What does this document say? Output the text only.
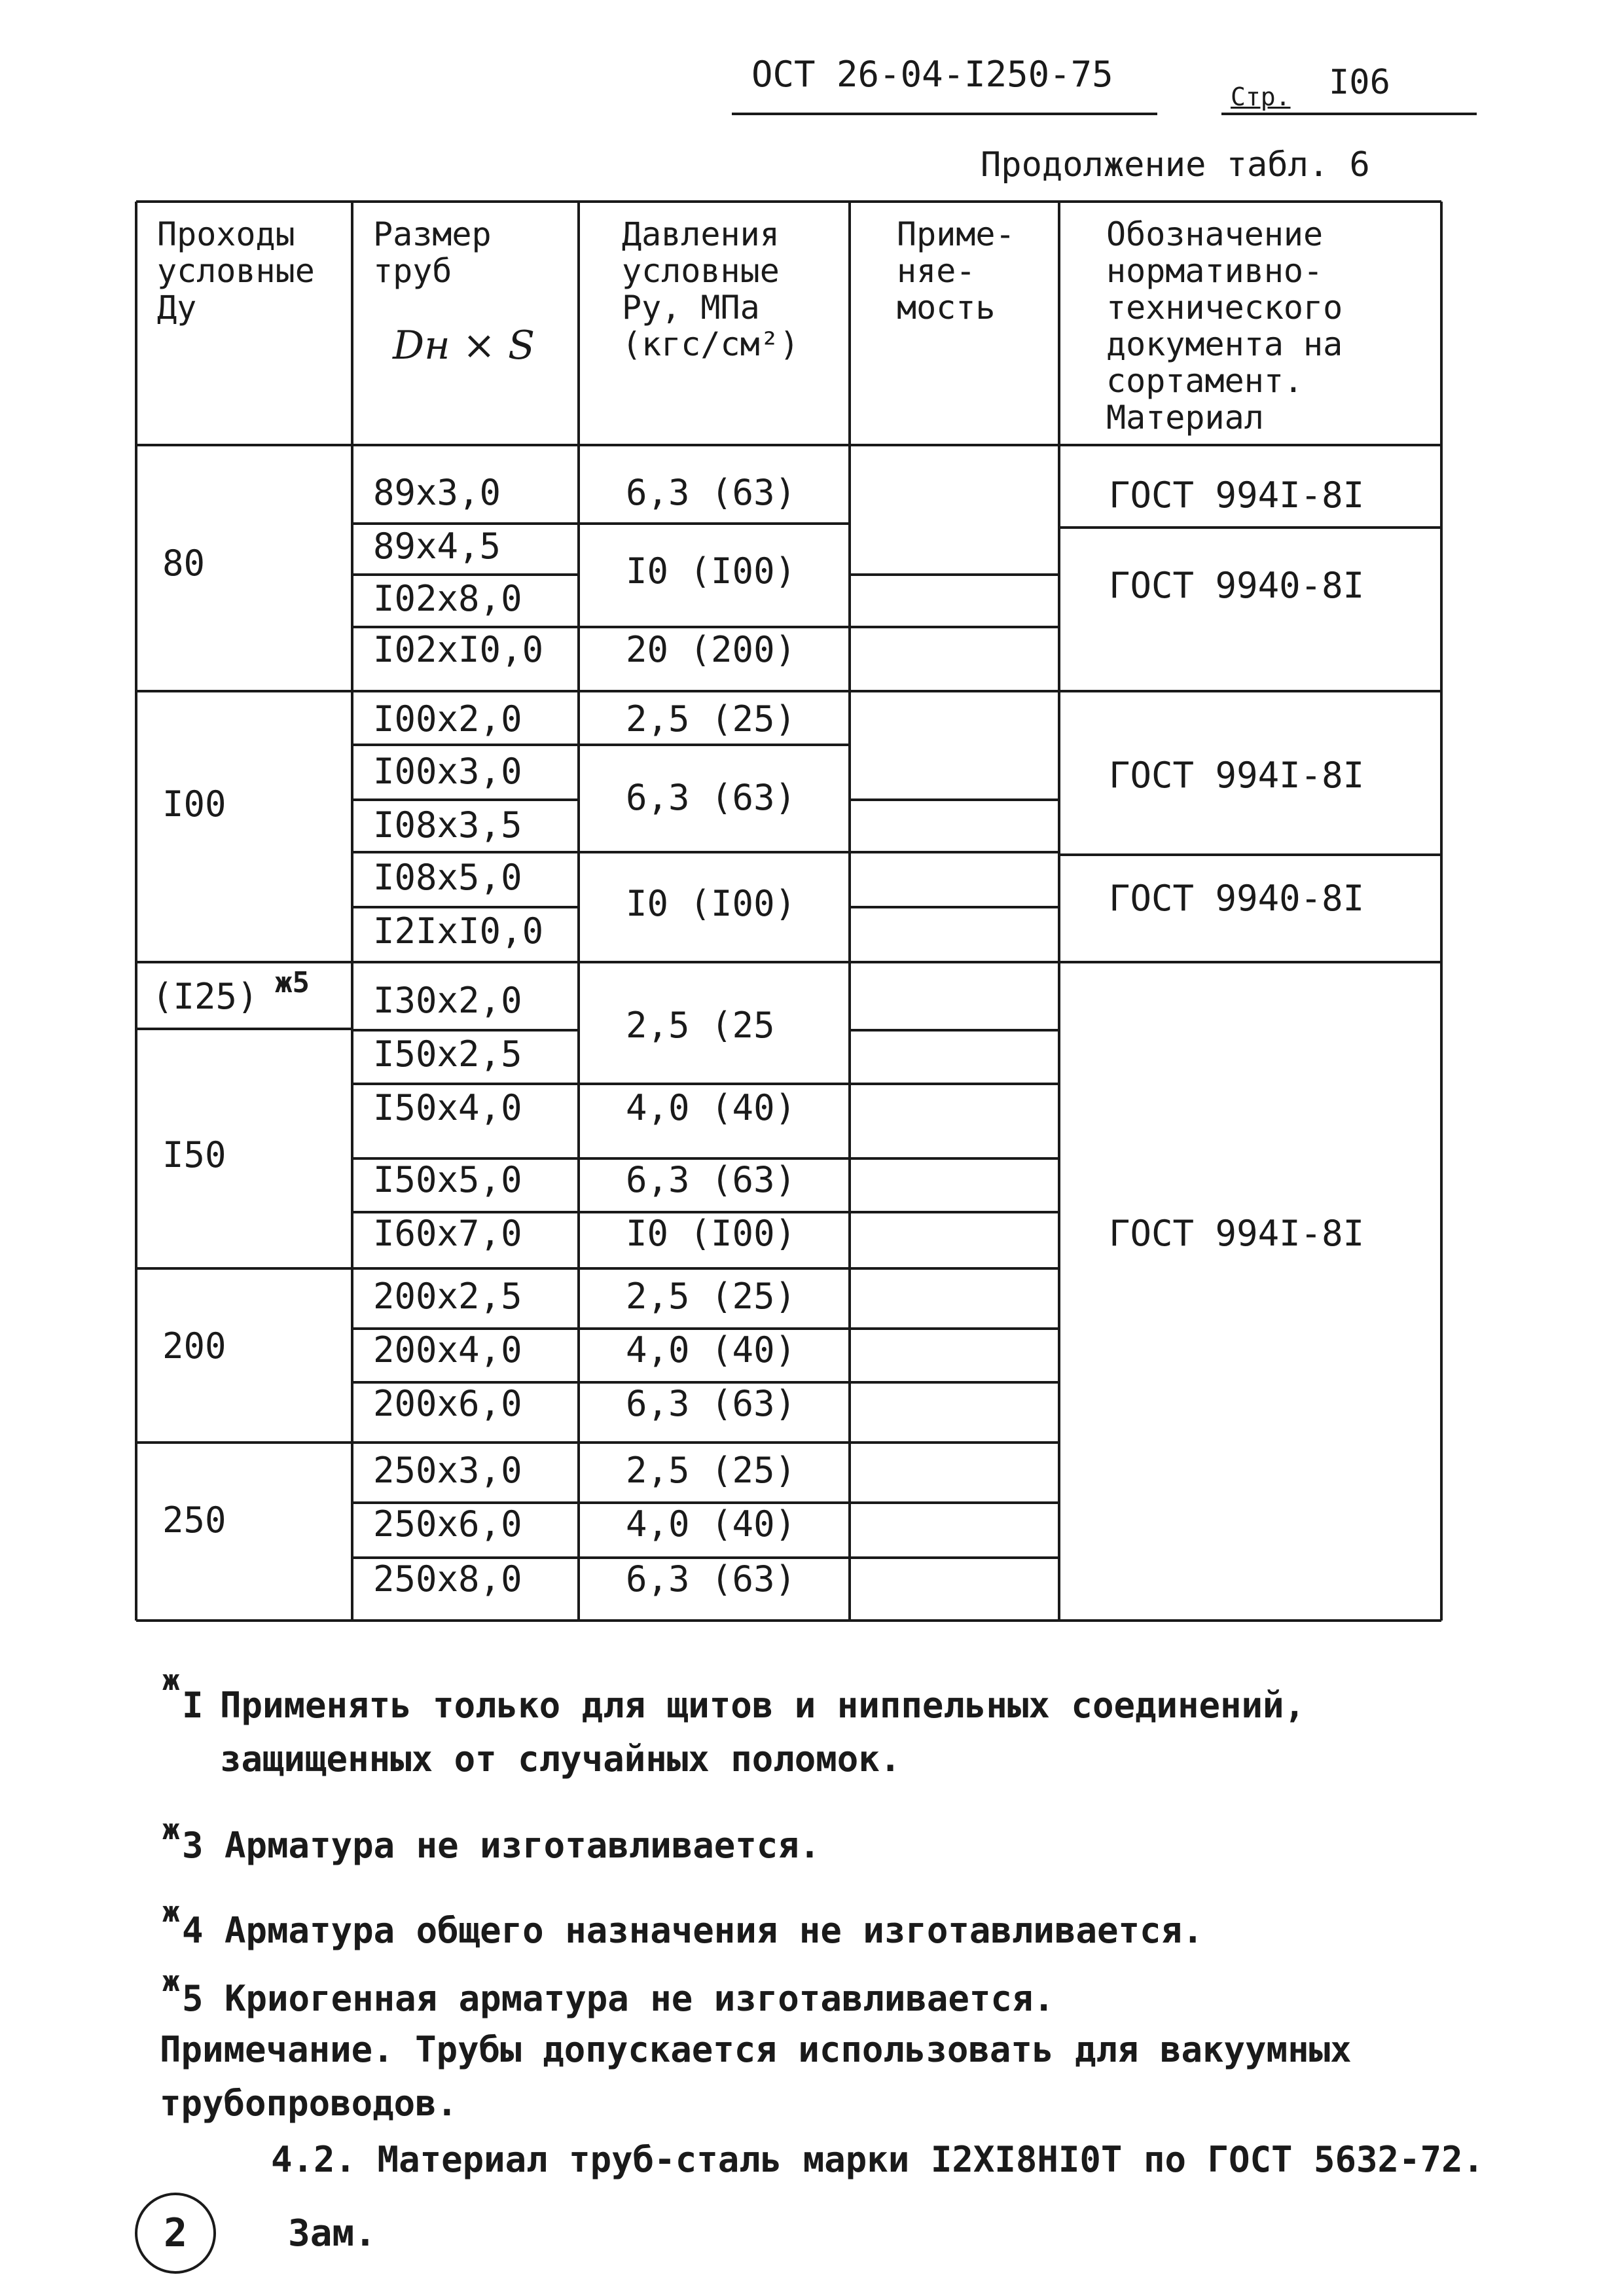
ОСТ 26-04-I250-75
Стр. I06
Продолжение табл. 6
Проходы
условные
Ду
Размер
труб
Dн × S
Давления
условные
Ру, МПа
(кгс/см²)
Приме-
няе-
мость
Обозначение
нормативно-
технического
документа на
сортамент.
Материал
80
I00
(I25) ж5
I50
200
250
89x3,0
89x4,5
I02x8,0
I02xI0,0
I00x2,0
I00x3,0
I08x3,5
I08x5,0
I2IxI0,0
I30x2,0
I50x2,5
I50x4,0
I50x5,0
I60x7,0
200x2,5
200x4,0
200x6,0
250x3,0
250x6,0
250x8,0
6,3 (63)
I0 (I00)
20 (200)
2,5 (25)
6,3 (63)
I0 (I00)
2,5 (25
4,0 (40)
6,3 (63)
I0 (I00)
2,5 (25)
4,0 (40)
6,3 (63)
2,5 (25)
4,0 (40)
6,3 (63)
ГОСТ 994I-8I
ГОСТ 9940-8I
ГОСТ 994I-8I
ГОСТ 9940-8I
ГОСТ 994I-8I
ж
I Применять только для щитов и ниппельных соединений,
защищенных от случайных поломок.
ж 3 Арматура не изготавливается.
ж 4 Арматура общего назначения не изготавливается.
ж 5 Криогенная арматура не изготавливается.
Примечание. Трубы допускается использовать для вакуумных
трубопроводов.
4.2. Материал труб-сталь марки I2XI8HI0T по ГОСТ 5632-72.
2	Зам.
